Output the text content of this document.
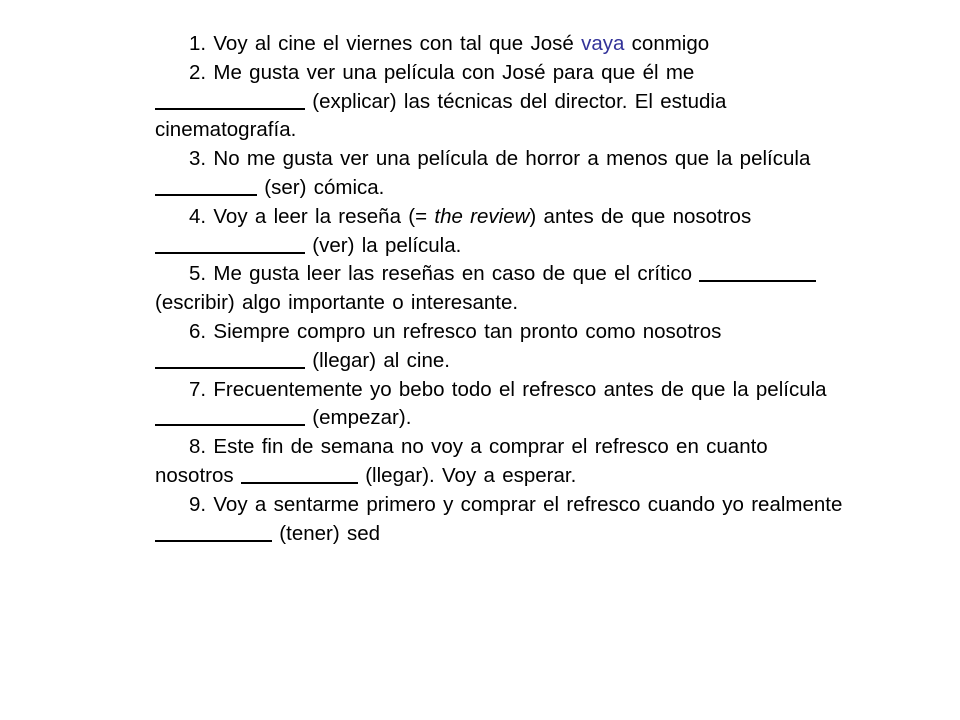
1. Voy al cine el viernes con tal que José vaya conmigo

2. Me gusta ver una película con José para que él me  (explicar) las técnicas del director. El estudia cinematografía.

3. No me gusta ver una película de horror a menos que la película  (ser) cómica.

4. Voy a leer la reseña (= the review) antes de que nosotros  (ver) la película.

5. Me gusta leer las reseñas en caso de que el crítico  (escribir) algo importante o interesante.

6. Siempre compro un refresco tan pronto como nosotros  (llegar) al cine.

7. Frecuentemente yo bebo todo el refresco antes de que la película  (empezar).

8. Este fin de semana no voy a comprar el refresco en cuanto nosotros	(llegar). Voy a esperar.

9. Voy a sentarme primero y comprar el refresco cuando yo realmente  (tener) sed
